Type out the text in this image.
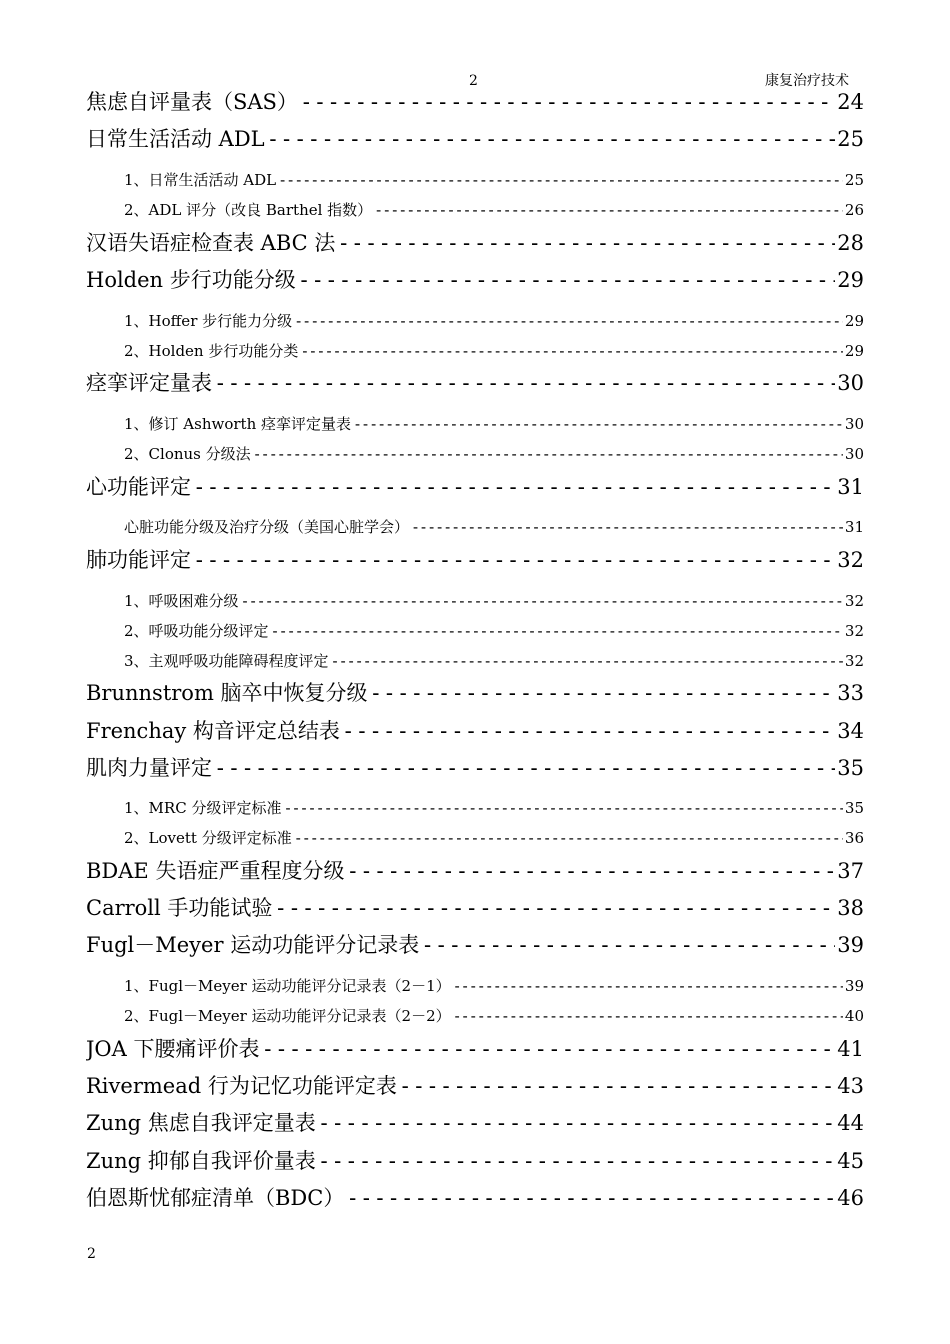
2	康复治疗技术
焦虑自评量表（SAS） -----	24
日常生活活动 ADL -----	25
1、日常生活活动 ADL -----	25
2、ADL 评分（改良 Barthel 指数） -----	26
汉语失语症检查表 ABC 法 -----	28
Holden 步行功能分级 -----	29
1、Hoffer 步行能力分级 -----	29
2、Holden 步行功能分类 -----	29
痉挛评定量表 -----	30
1、修订 Ashworth 痉挛评定量表 -----	30
2、Clonus 分级法 -----	30
心功能评定 -----	31
心脏功能分级及治疗分级（美国心脏学会） -----	31
肺功能评定 -----	32
1、呼吸困难分级 -----	32
2、呼吸功能分级评定 -----	32
3、主观呼吸功能障碍程度评定 -----	32
Brunnstrom 脑卒中恢复分级 -----	33
Frenchay 构音评定总结表 -----	34
肌肉力量评定 -----	35
1、MRC 分级评定标准 -----	35
2、Lovett 分级评定标准 -----	36
BDAE 失语症严重程度分级 -----	37
Carroll 手功能试验 -----	38
Fugl－Meyer 运动功能评分记录表 -----	39
1、Fugl－Meyer 运动功能评分记录表（2－1） -----	39
2、Fugl－Meyer 运动功能评分记录表（2－2） -----	40
JOA 下腰痛评价表 -----	41
Rivermead 行为记忆功能评定表 -----	43
Zung 焦虑自我评定量表 -----	44
Zung 抑郁自我评价量表 -----	45
伯恩斯忧郁症清单（BDC） -----	46
2
